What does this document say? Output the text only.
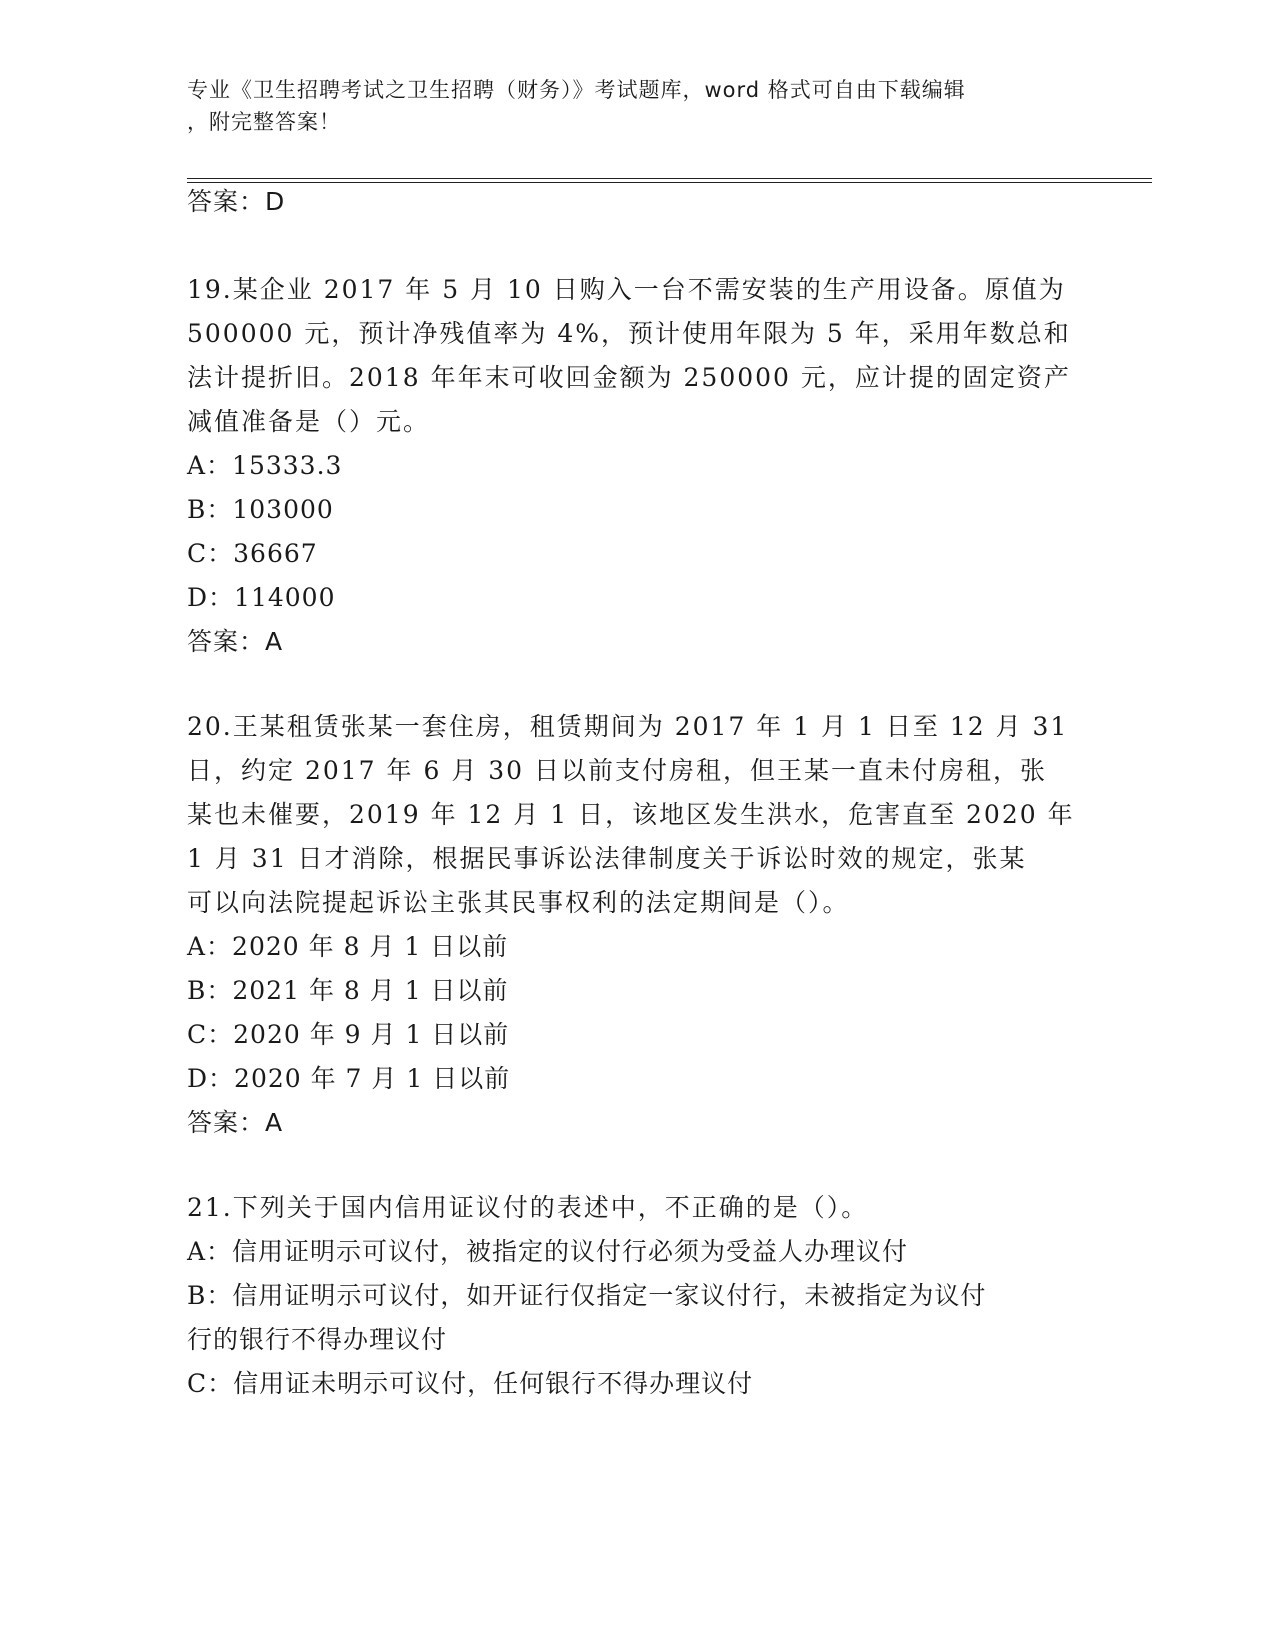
专业《卫生招聘考试之卫生招聘（财务）》考试题库，word 格式可自由下载编辑
，附完整答案！
答案：D
19.某企业 2017 年 5 月 10 日购入一台不需安装的生产用设备。原值为
500000 元，预计净残值率为 4%，预计使用年限为 5 年，采用年数总和
法计提折旧。2018 年年末可收回金额为 250000 元，应计提的固定资产
减值准备是（）元。
A：15333.3
B：103000
C：36667
D：114000
答案：A
20.王某租赁张某一套住房，租赁期间为 2017 年 1 月 1 日至 12 月 31
日，约定 2017 年 6 月 30 日以前支付房租，但王某一直未付房租，张
某也未催要，2019 年 12 月 1 日，该地区发生洪水，危害直至 2020 年
1 月 31 日才消除，根据民事诉讼法律制度关于诉讼时效的规定，张某
可以向法院提起诉讼主张其民事权利的法定期间是（）。
A：2020 年 8 月 1 日以前
B：2021 年 8 月 1 日以前
C：2020 年 9 月 1 日以前
D：2020 年 7 月 1 日以前
答案：A
21.下列关于国内信用证议付的表述中，不正确的是（）。
A：信用证明示可议付，被指定的议付行必须为受益人办理议付
B：信用证明示可议付，如开证行仅指定一家议付行，未被指定为议付
行的银行不得办理议付
C：信用证未明示可议付，任何银行不得办理议付
